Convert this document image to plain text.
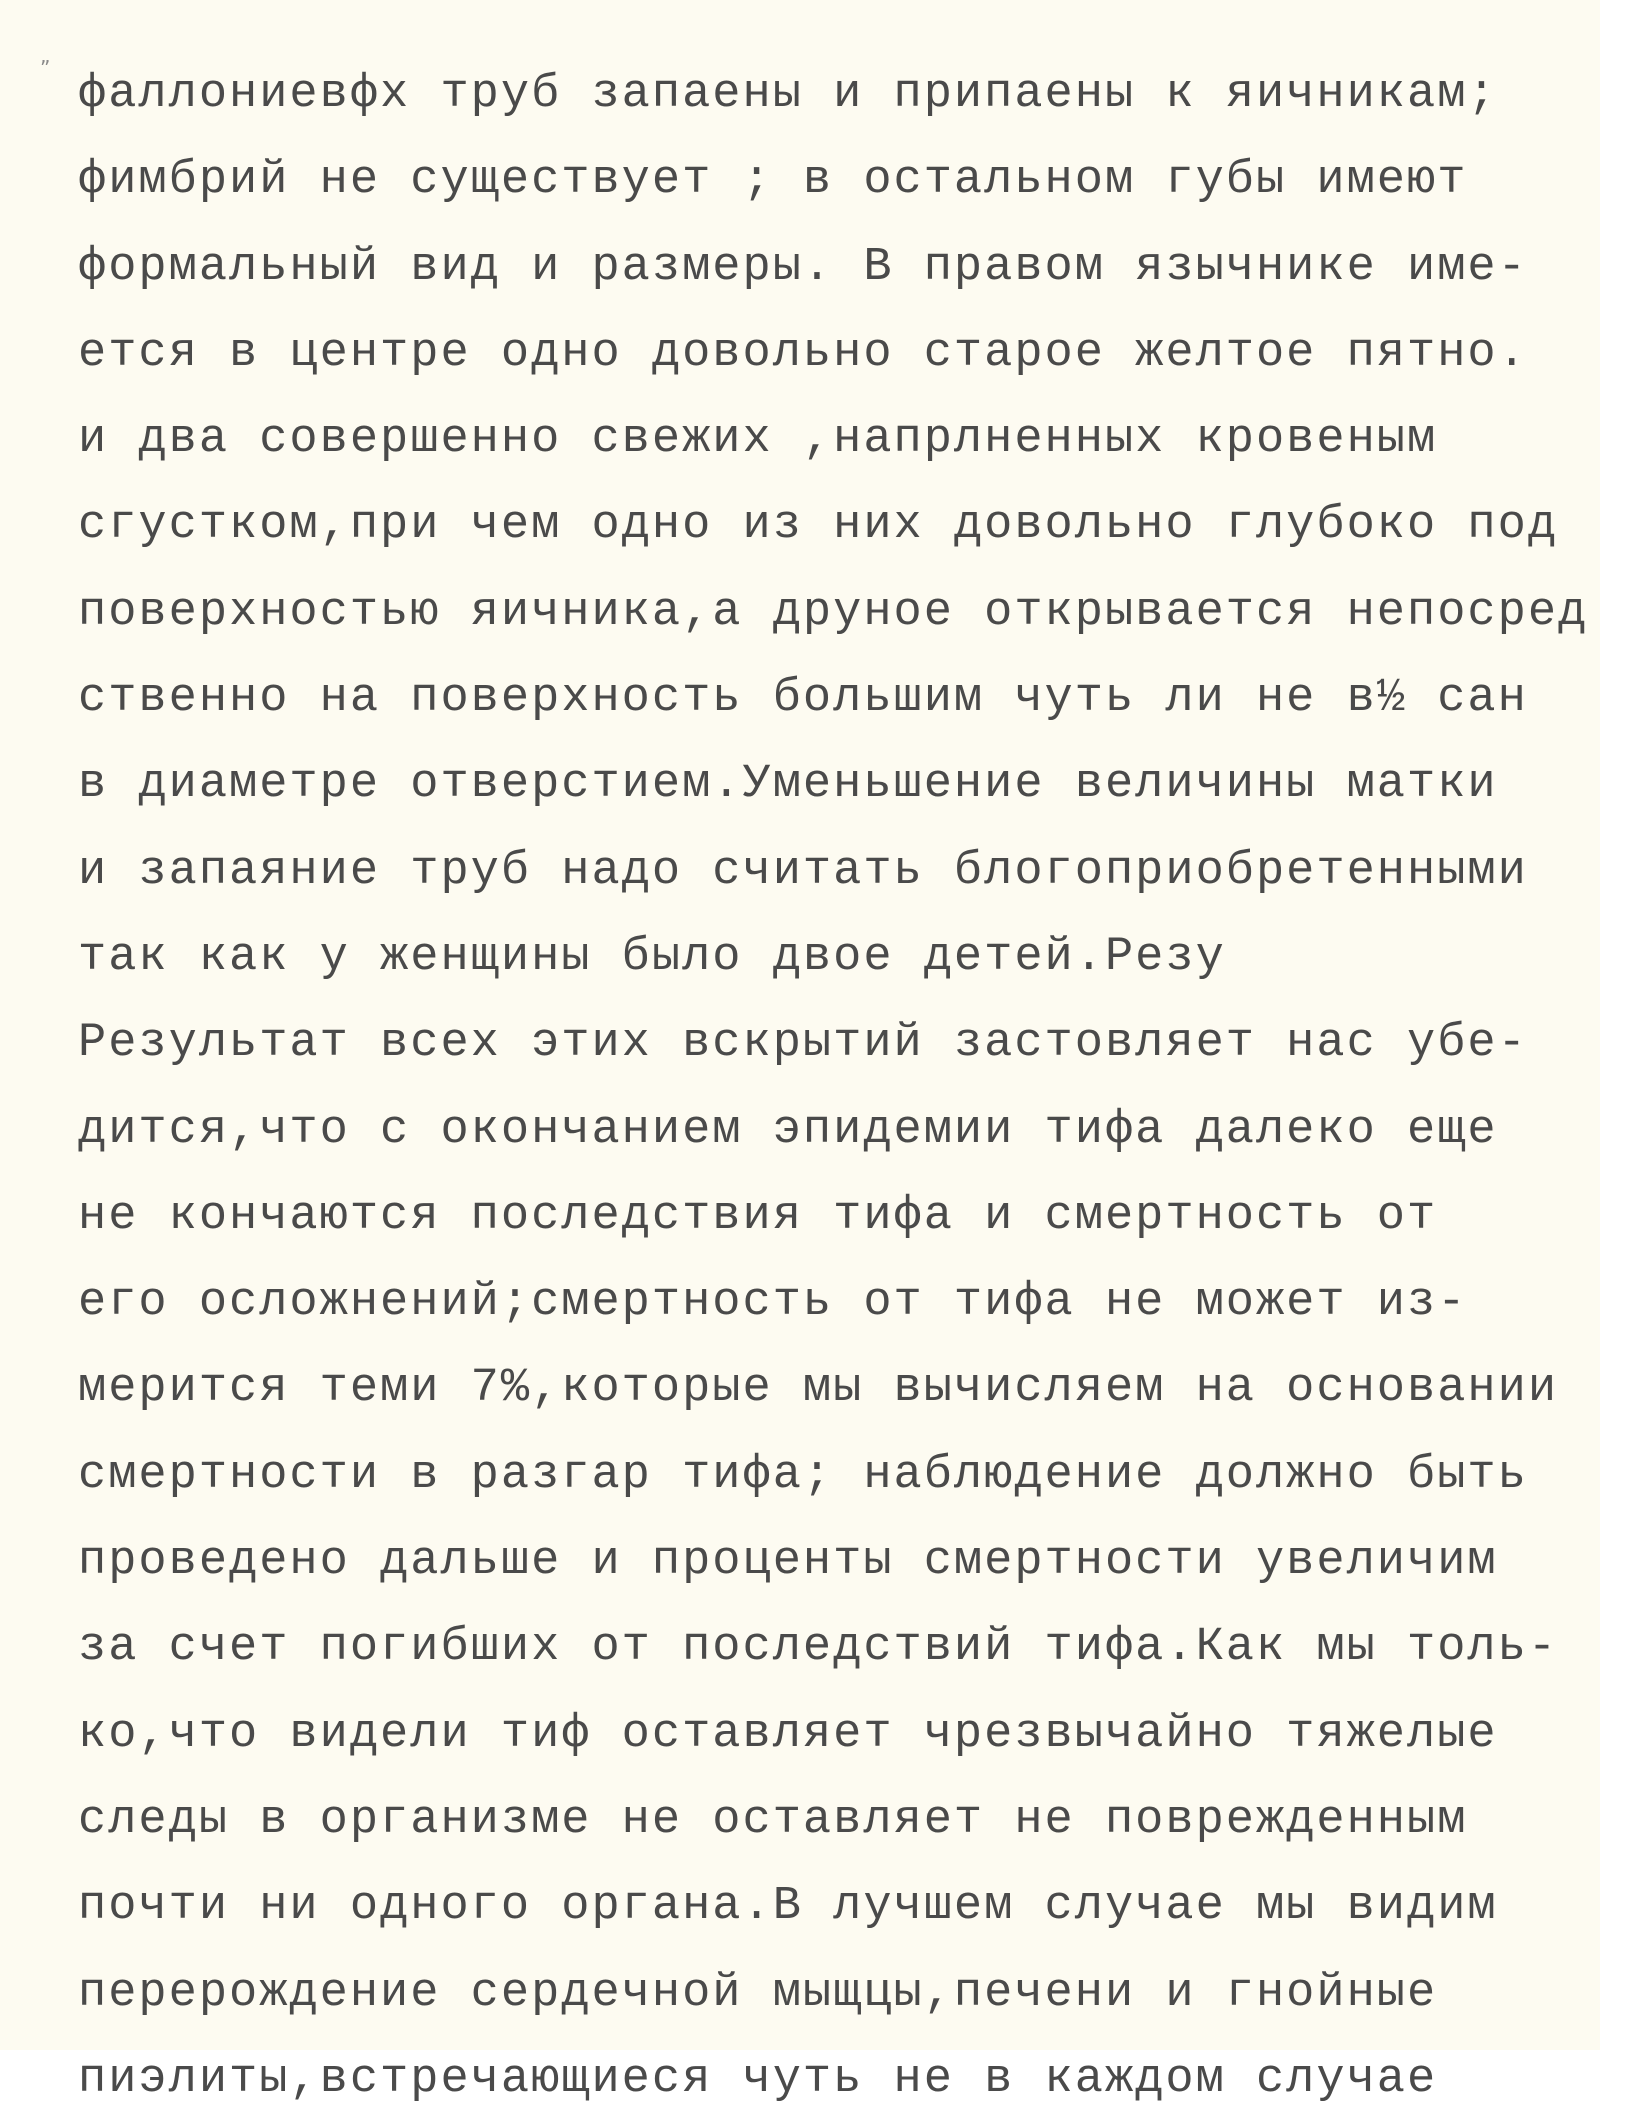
” фаллониевфх труб запаены и припаены к яичникам;
фимбрий не существует ; в остальном губы имеют
формальный вид и размеры. В правом язычнике име-
ется в центре одно довольно старое желтое пятно.
и два совершенно свежих ,напрлненных кровеным
сгустком,при чем одно из них довольно глубоко под
поверхностью яичника,а друное открывается непосред
ственно на поверхность большим чуть ли не в½ сан
в диаметре отверстием.Уменьшение величины матки
и запаяние труб надо считать блогоприобретенными
так как у женщины было двое детей.Резу
Результат всех этих вскрытий застовляет нас убе-
дится,что с окончанием эпидемии тифа далеко еще
не кончаются последствия тифа и смертность от
его осложнений;смертность от тифа не может из-
мерится теми 7%,которые мы вычисляем на основании
смертности в разгар тифа; наблюдение должно быть
проведено дальше и проценты смертности увеличим
за счет погибших от последствий тифа.Как мы толь-
ко,что видели тиф оставляет чрезвычайно тяжелые
следы в организме не оставляет не поврежденным
почти ни одного органа.В лучшем случае мы видим
перерождение сердечной мыщцы,печени и гнойные
пиэлиты,встречающиеся чуть не в каждом случае
